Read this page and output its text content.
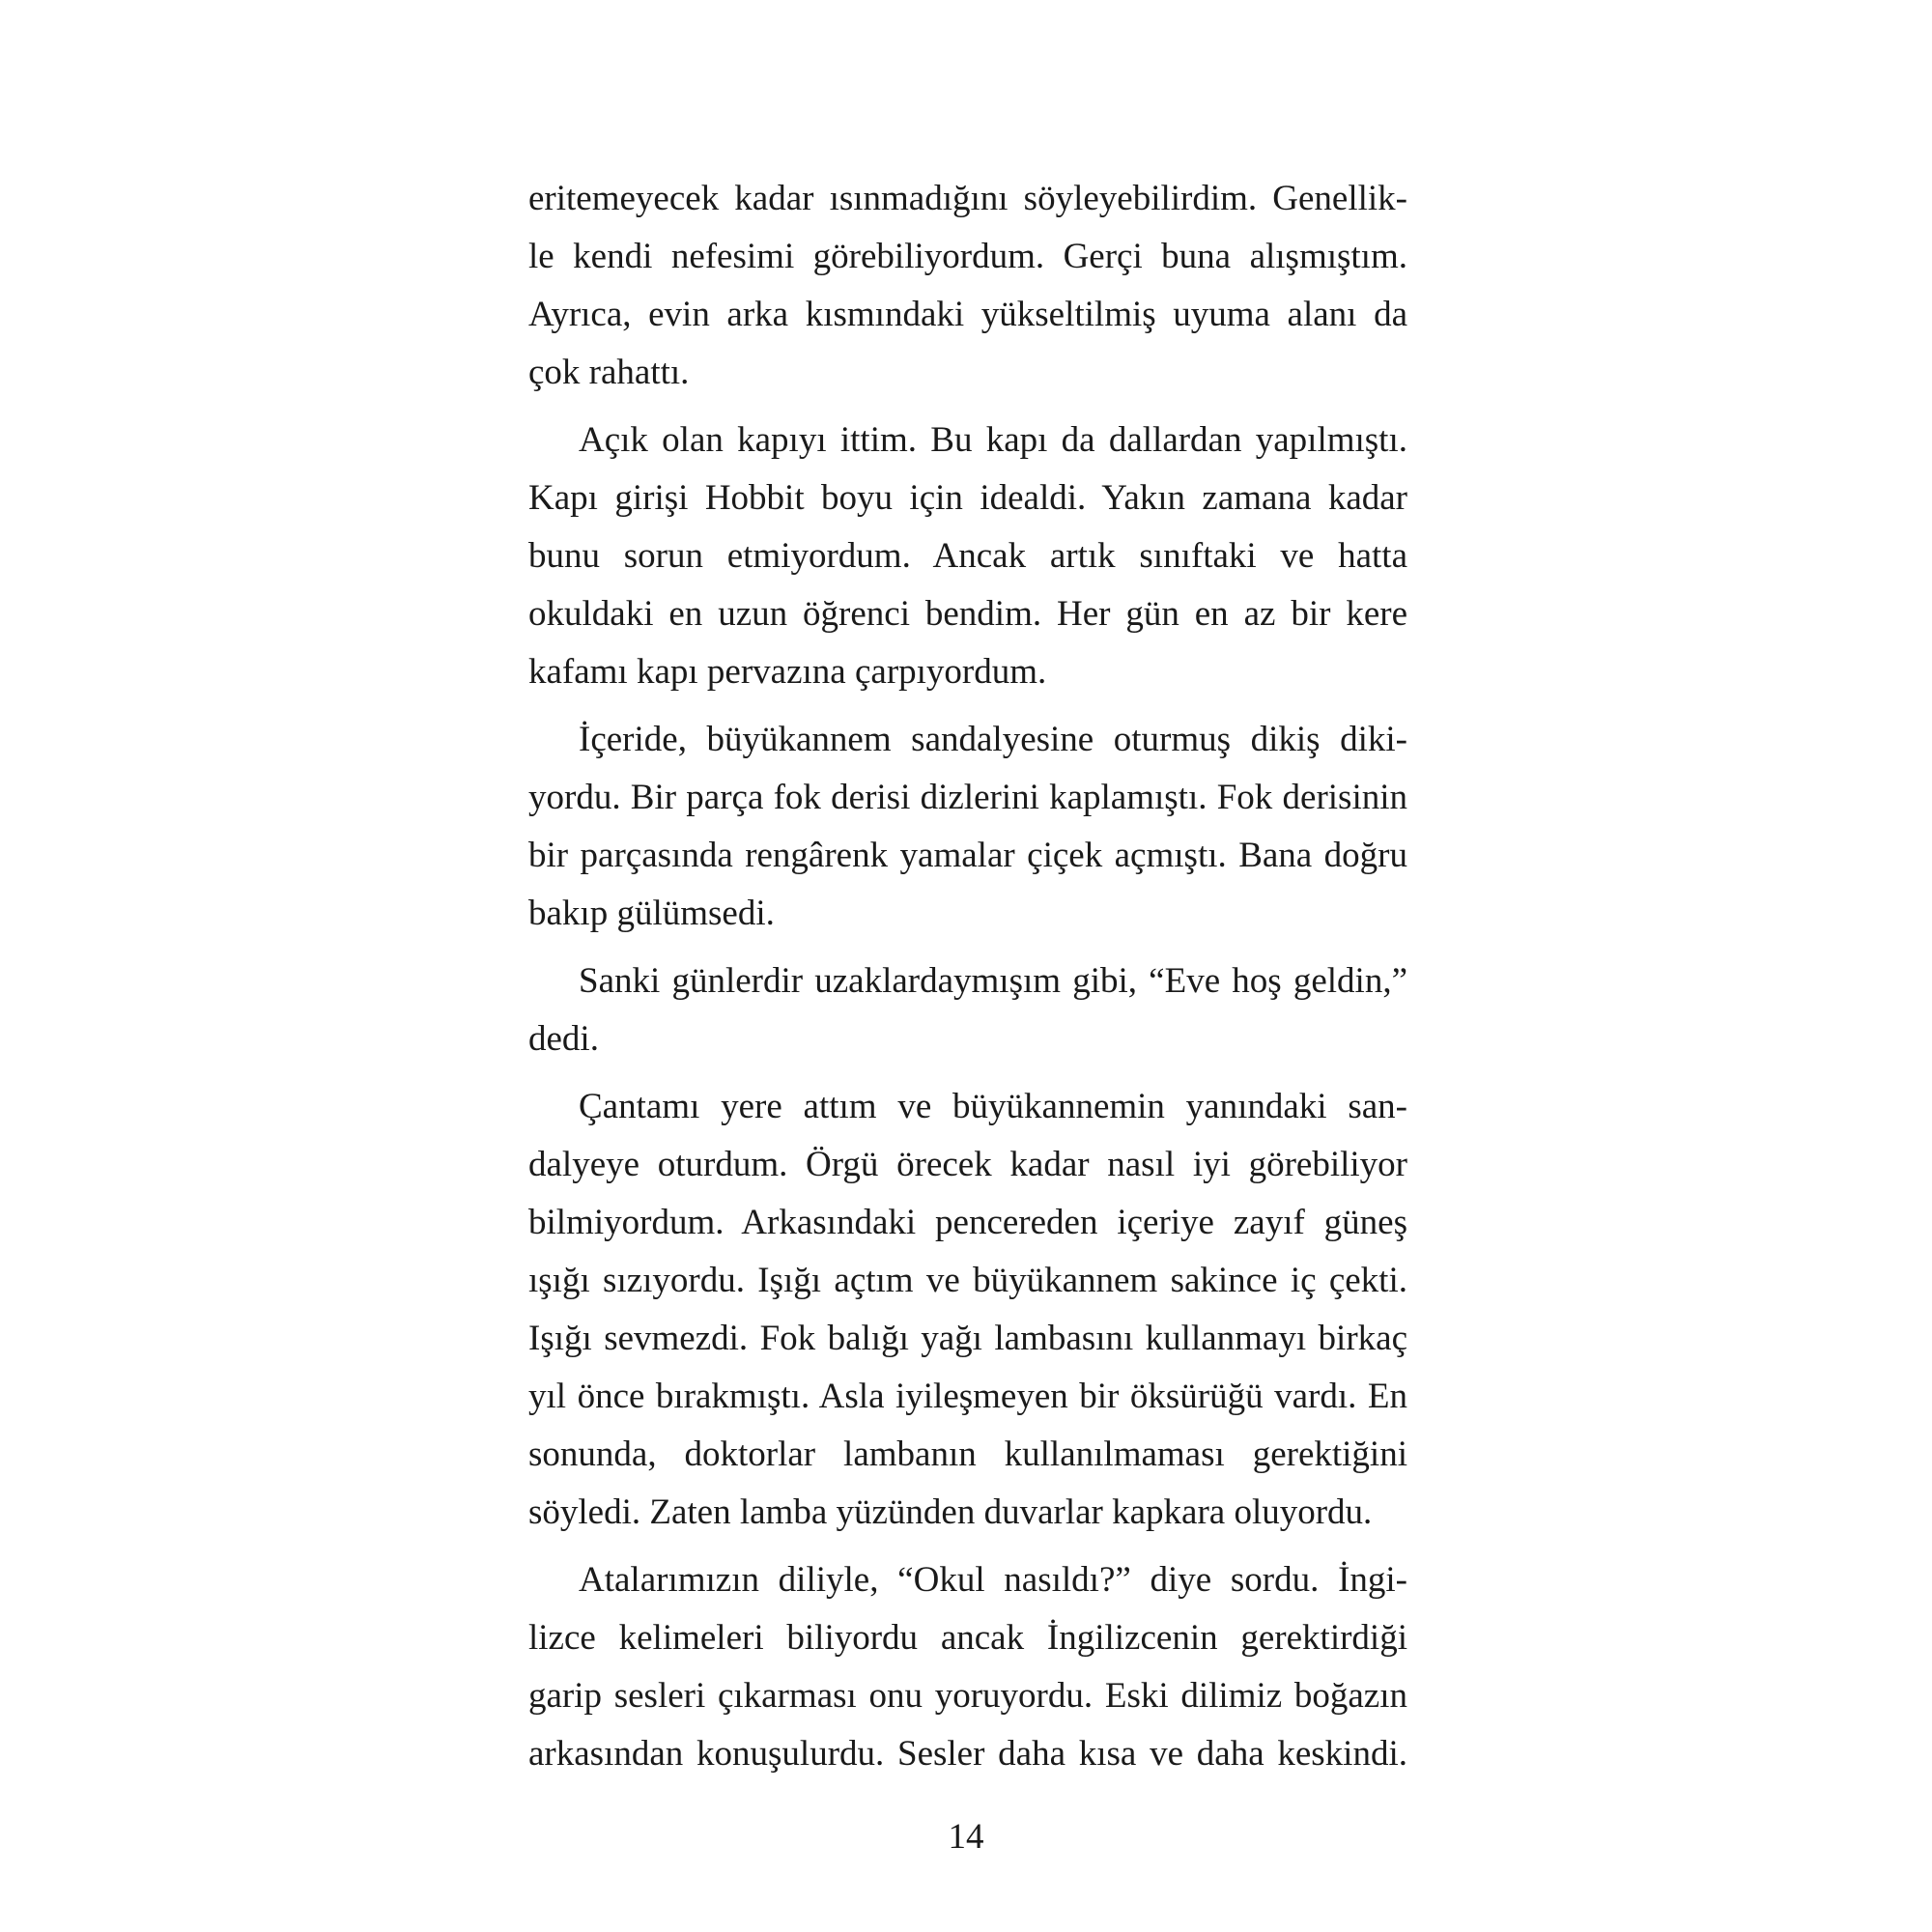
eritemeyecek kadar ısınmadığını söyleyebilirdim. Genellik-
le kendi nefesimi görebiliyordum. Gerçi buna alışmıştım.
Ayrıca, evin arka kısmındaki yükseltilmiş uyuma alanı da
çok rahattı.
Açık olan kapıyı ittim. Bu kapı da dallardan yapılmıştı.
Kapı girişi Hobbit boyu için idealdi. Yakın zamana kadar
bunu sorun etmiyordum. Ancak artık sınıftaki ve hatta
okuldaki en uzun öğrenci bendim. Her gün en az bir kere
kafamı kapı pervazına çarpıyordum.
İçeride, büyükannem sandalyesine oturmuş dikiş diki-
yordu. Bir parça fok derisi dizlerini kaplamıştı. Fok derisinin
bir parçasında rengârenk yamalar çiçek açmıştı. Bana doğru
bakıp gülümsedi.
Sanki günlerdir uzaklardaymışım gibi, “Eve hoş geldin,”
dedi.
Çantamı yere attım ve büyükannemin yanındaki san-
dalyeye oturdum. Örgü örecek kadar nasıl iyi görebiliyor
bilmiyordum. Arkasındaki pencereden içeriye zayıf güneş
ışığı sızıyordu. Işığı açtım ve büyükannem sakince iç çekti.
Işığı sevmezdi. Fok balığı yağı lambasını kullanmayı birkaç
yıl önce bırakmıştı. Asla iyileşmeyen bir öksürüğü vardı. En
sonunda, doktorlar lambanın kullanılmaması gerektiğini
söyledi. Zaten lamba yüzünden duvarlar kapkara oluyordu.
Atalarımızın diliyle, “Okul nasıldı?” diye sordu. İngi-
lizce kelimeleri biliyordu ancak İngilizcenin gerektirdiği
garip sesleri çıkarması onu yoruyordu. Eski dilimiz boğazın
arkasından konuşulurdu. Sesler daha kısa ve daha keskindi.
14
